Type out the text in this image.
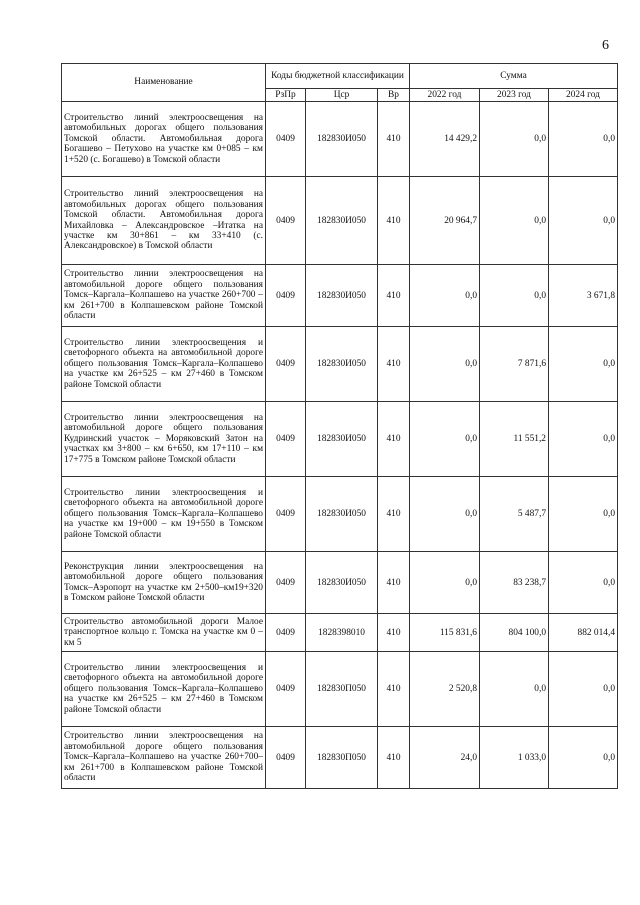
6
Наименование	Коды бюджетной классификации			Сумма		
	РзПр	Цср	Вр	2022 год	2023 год	2024 год
Строительство линий электроосвещения на автомобильных дорогах общего пользования Томской области. Автомобильная дорога Богашево – Петухово на участке км 0+085 – км 1+520 (с. Богашево) в Томской области	0409	182830И050	410	14 429,2	0,0	0,0
Строительство линий электроосвещения на автомобильных дорогах общего пользования Томской области. Автомобильная дорога Михайловка – Александровское –Итатка на участке км 30+861 – км 33+410 (с. Александровское) в Томской области	0409	182830И050	410	20 964,7	0,0	0,0
Строительство линии электроосвещения на автомобильной дороге общего пользования Томск–Каргала–Колпашево на участке 260+700 – км 261+700 в Колпашевском районе Томской области	0409	182830И050	410	0,0	0,0	3 671,8
Строительство линии электроосвещения и светофорного объекта на автомобильной дороге общего пользования Томск–Каргала–Колпашево на участке км 26+525 – км 27+460 в Томском районе Томской области	0409	182830И050	410	0,0	7 871,6	0,0
Строительство линии электроосвещения на автомобильной дороге общего пользования Кудринский участок – Моряковский Затон на участках км 3+800 – км 6+650, км 17+110 – км 17+775 в Томском районе Томской области	0409	182830И050	410	0,0	11 551,2	0,0
Строительство линии электроосвещения и светофорного объекта на автомобильной дороге общего пользования Томск–Каргала–Колпашево на участке км 19+000 – км 19+550 в Томском районе Томской области	0409	182830И050	410	0,0	5 487,7	0,0
Реконструкция линии электроосвещения на автомобильной дороге общего пользования Томск–Аэропорт на участке км 2+500–км19+320 в Томском районе Томской области	0409	182830И050	410	0,0	83 238,7	0,0
Строительство автомобильной дороги Малое транспортное кольцо г. Томска на участке км 0 – км 5	0409	1828398010	410	115 831,6	804 100,0	882 014,4
Строительство линии электроосвещения и светофорного объекта на автомобильной дороге общего пользования Томск–Каргала–Колпашево на участке км 26+525 – км 27+460 в Томском районе Томской области	0409	182830П050	410	2 520,8	0,0	0,0
Строительство линии электроосвещения на автомобильной дороге общего пользования Томск–Каргала–Колпашево на участке 260+700– км 261+700 в Колпашевском районе Томской области	0409	182830П050	410	24,0	1 033,0	0,0
